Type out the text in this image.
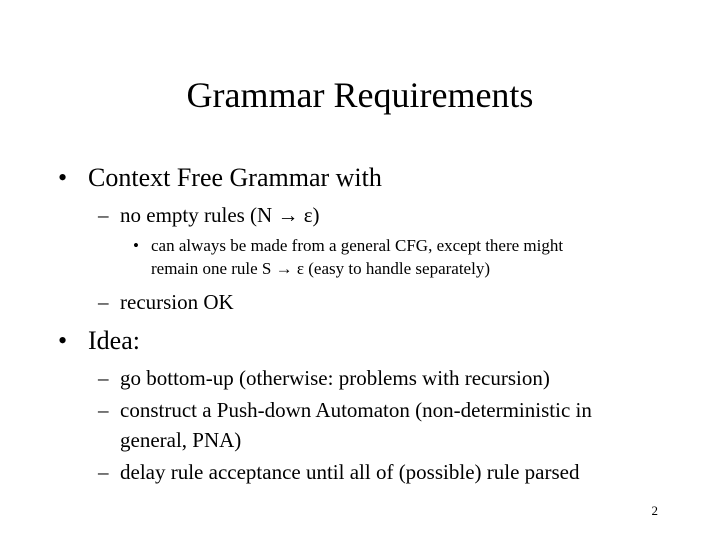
Grammar Requirements
• Context Free Grammar with
– no empty rules (N → ε)
• can always be made from a general CFG, except there might
remain one rule S → ε (easy to handle separately)
– recursion OK
• Idea:
– go bottom-up (otherwise: problems with recursion)
– construct a Push-down Automaton (non-deterministic in
general, PNA)
– delay rule acceptance until all of (possible) rule parsed
2
